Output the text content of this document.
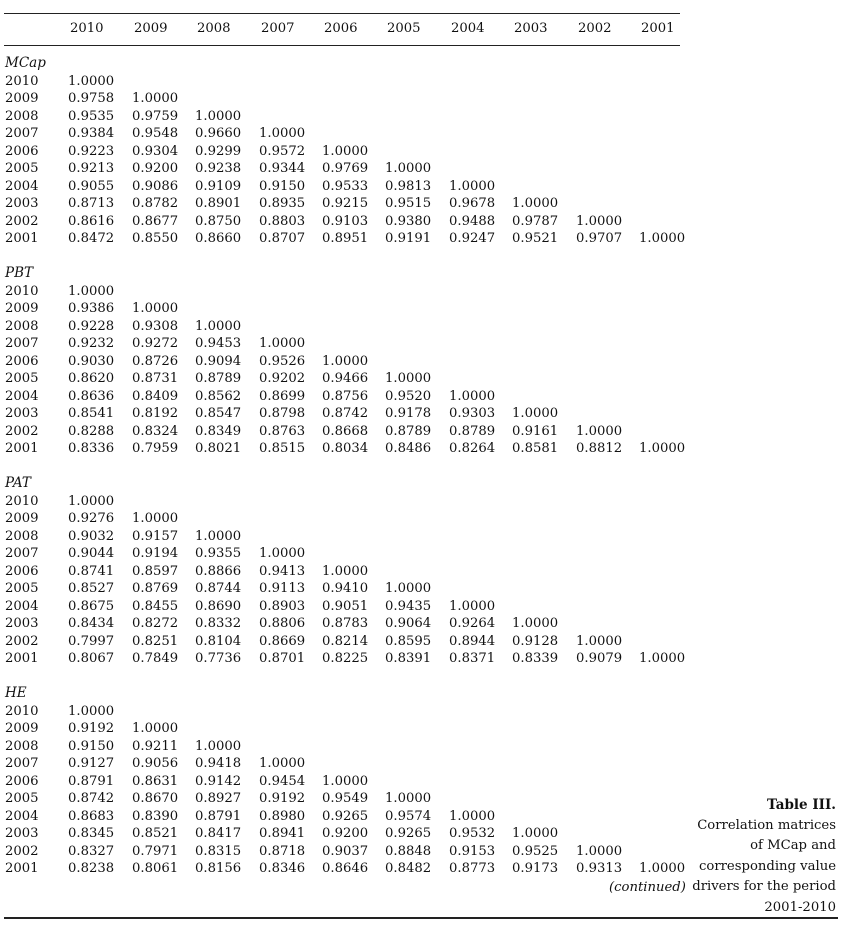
2010 2009 2008 2007 2006 2005 2004 2003 2002 2001
MCap
2010 1.0000
2009 0.9758 1.0000
2008 0.9535 0.9759 1.0000
2007 0.9384 0.9548 0.9660 1.0000
2006 0.9223 0.9304 0.9299 0.9572 1.0000
2005 0.9213 0.9200 0.9238 0.9344 0.9769 1.0000
2004 0.9055 0.9086 0.9109 0.9150 0.9533 0.9813 1.0000
2003 0.8713 0.8782 0.8901 0.8935 0.9215 0.9515 0.9678 1.0000
2002 0.8616 0.8677 0.8750 0.8803 0.9103 0.9380 0.9488 0.9787 1.0000
2001 0.8472 0.8550 0.8660 0.8707 0.8951 0.9191 0.9247 0.9521 0.9707 1.0000
PBT
2010 1.0000
2009 0.9386 1.0000
2008 0.9228 0.9308 1.0000
2007 0.9232 0.9272 0.9453 1.0000
2006 0.9030 0.8726 0.9094 0.9526 1.0000
2005 0.8620 0.8731 0.8789 0.9202 0.9466 1.0000
2004 0.8636 0.8409 0.8562 0.8699 0.8756 0.9520 1.0000
2003 0.8541 0.8192 0.8547 0.8798 0.8742 0.9178 0.9303 1.0000
2002 0.8288 0.8324 0.8349 0.8763 0.8668 0.8789 0.8789 0.9161 1.0000
2001 0.8336 0.7959 0.8021 0.8515 0.8034 0.8486 0.8264 0.8581 0.8812 1.0000
PAT
2010 1.0000
2009 0.9276 1.0000
2008 0.9032 0.9157 1.0000
2007 0.9044 0.9194 0.9355 1.0000
2006 0.8741 0.8597 0.8866 0.9413 1.0000
2005 0.8527 0.8769 0.8744 0.9113 0.9410 1.0000
2004 0.8675 0.8455 0.8690 0.8903 0.9051 0.9435 1.0000
2003 0.8434 0.8272 0.8332 0.8806 0.8783 0.9064 0.9264 1.0000
2002 0.7997 0.8251 0.8104 0.8669 0.8214 0.8595 0.8944 0.9128 1.0000
2001 0.8067 0.7849 0.7736 0.8701 0.8225 0.8391 0.8371 0.8339 0.9079 1.0000
HE
2010 1.0000
2009 0.9192 1.0000
2008 0.9150 0.9211 1.0000
2007 0.9127 0.9056 0.9418 1.0000
2006 0.8791 0.8631 0.9142 0.9454 1.0000
2005 0.8742 0.8670 0.8927 0.9192 0.9549 1.0000
2004 0.8683 0.8390 0.8791 0.8980 0.9265 0.9574 1.0000
2003 0.8345 0.8521 0.8417 0.8941 0.9200 0.9265 0.9532 1.0000
2002 0.8327 0.7971 0.8315 0.8718 0.9037 0.8848 0.9153 0.9525 1.0000
2001 0.8238 0.8061 0.8156 0.8346 0.8646 0.8482 0.8773 0.9173 0.9313 1.0000
(continued)
Table III.
Correlation matrices
of MCap and
corresponding value
drivers for the period
2001-2010
